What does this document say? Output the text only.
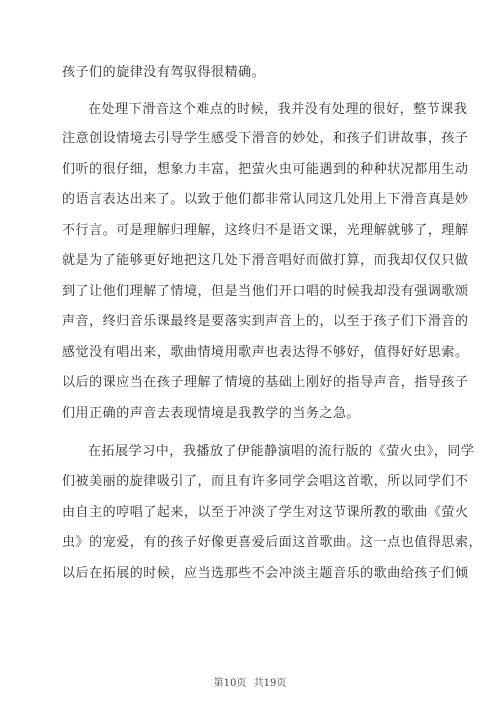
孩子们的旋律没有驾驭得很精确。
在处理下滑音这个难点的时候，我并没有处理的很好，整节课我
注意创设情境去引导学生感受下滑音的妙处，和孩子们讲故事，孩子
们听的很仔细，想象力丰富，把萤火虫可能遇到的种种状况都用生动
的语言表达出来了。以致于他们都非常认同这几处用上下滑音真是妙
不行言。可是理解归理解，这终归不是语文课，光理解就够了，理解
就是为了能够更好地把这几处下滑音唱好而做打算，而我却仅仅只做
到了让他们理解了情境，但是当他们开口唱的时候我却没有强调歌颂
声音，终归音乐课最终是要落实到声音上的，以至于孩子们下滑音的
感觉没有唱出来，歌曲情境用歌声也表达得不够好，值得好好思索。
以后的课应当在孩子理解了情境的基础上刚好的指导声音，指导孩子
们用正确的声音去表现情境是我教学的当务之急。
在拓展学习中，我播放了伊能静演唱的流行版的《萤火虫》，同学
们被美丽的旋律吸引了，而且有许多同学会唱这首歌，所以同学们不
由自主的哼唱了起来，以至于冲淡了学生对这节课所教的歌曲《萤火
虫》的宠爱，有的孩子好像更喜爱后面这首歌曲。这一点也值得思索，
以后在拓展的时候，应当选那些不会冲淡主题音乐的歌曲给孩子们倾
第10页 共19页
